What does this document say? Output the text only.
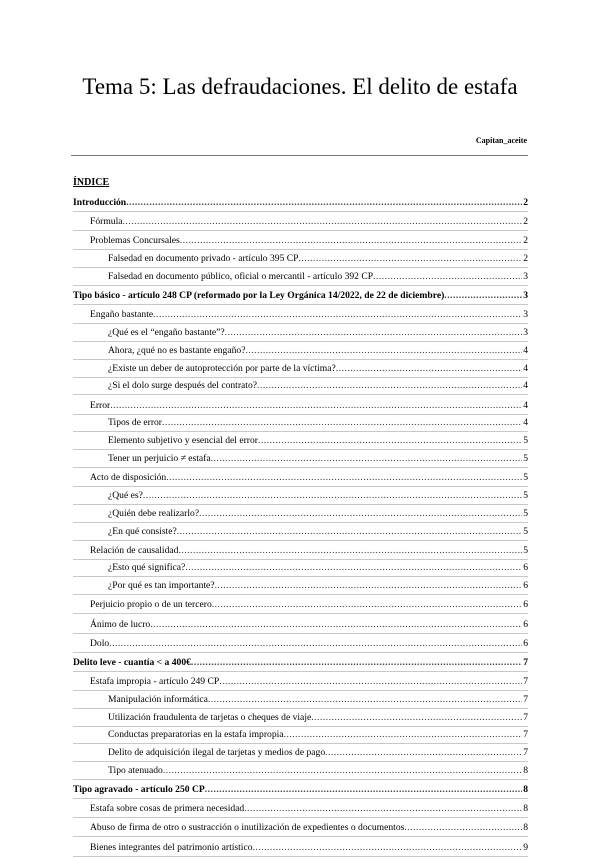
Tema 5: Las defraudaciones. El delito de estafa
Capitan_aceite
ÍNDICE
Introducción .....	2
Fórmula .....	2
Problemas Concursales .....	2
Falsedad en documento privado - artículo 395 CP .....	2
Falsedad en documento público, oficial o mercantil - artículo 392 CP .....	3
Tipo básico - artículo 248 CP (reformado por la Ley Orgánica 14/2022, de 22 de diciembre) .....	3
Engaño bastante .....	3
¿Qué es el “engaño bastante”? .....	3
Ahora, ¿qué no es bastante engaño? .....	4
¿Existe un deber de autoprotección por parte de la víctima? .....	4
¿Si el dolo surge después del contrato? .....	4
Error .....	4
Tipos de error .....	4
Elemento subjetivo y esencial del error .....	5
Tener un perjuicio ≠ estafa .....	5
Acto de disposición .....	5
¿Qué es? .....	5
¿Quién debe realizarlo? .....	5
¿En qué consiste? .....	5
Relación de causalidad .....	5
¿Esto qué significa? .....	6
¿Por qué es tan importante? .....	6
Perjuicio propio o de un tercero .....	6
Ánimo de lucro .....	6
Dolo .....	6
Delito leve - cuantía < a 400€ .....	7
Estafa impropia - artículo 249 CP .....	7
Manipulación informática .....	7
Utilización fraudulenta de tarjetas o cheques de viaje .....	7
Conductas preparatorias en la estafa impropia .....	7
Delito de adquisición ilegal de tarjetas y medios de pago .....	7
Tipo atenuado .....	8
Tipo agravado - artículo 250 CP .....	8
Estafa sobre cosas de primera necesidad .....	8
Abuso de firma de otro o sustracción o inutilización de expedientes o documentos .....	8
Bienes integrantes del patrimonio artístico .....	9
